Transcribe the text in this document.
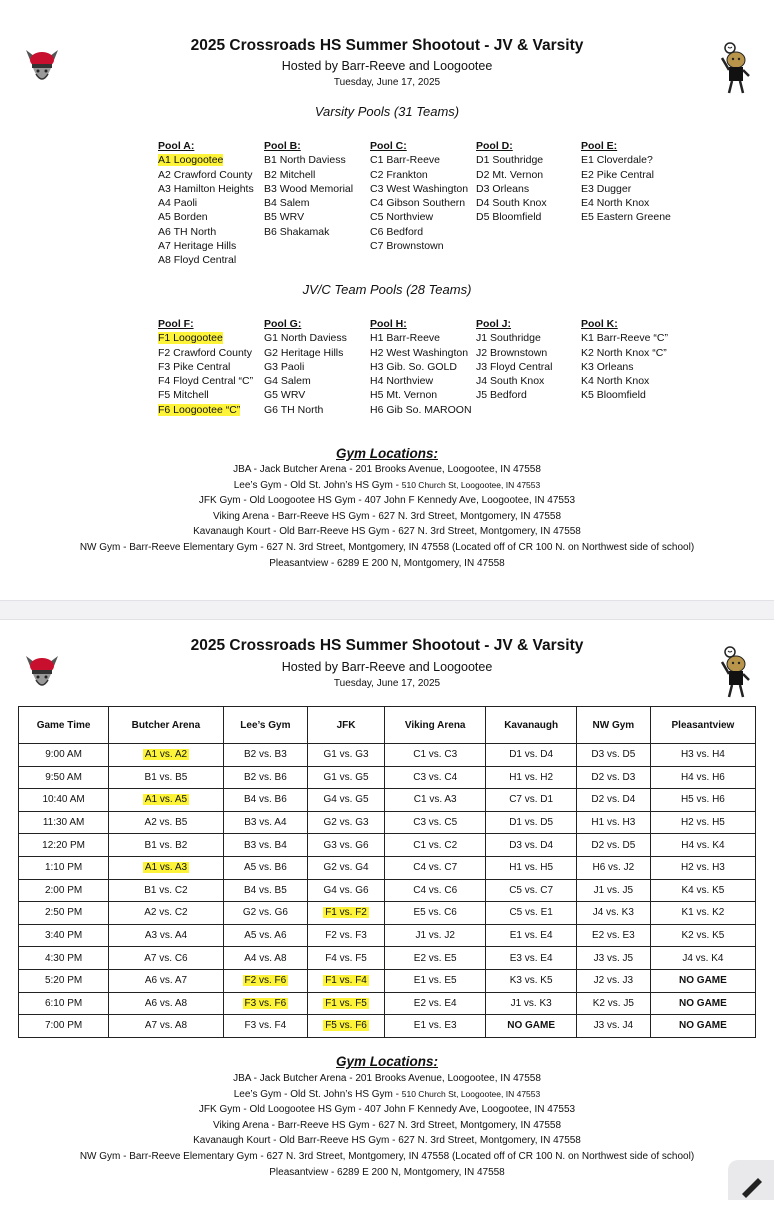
2025 Crossroads HS Summer Shootout - JV & Varsity
Hosted by Barr-Reeve and Loogootee
Tuesday, June 17, 2025
Varsity Pools (31 Teams)
Pool A:
A1 Loogootee
A2 Crawford County
A3 Hamilton Heights
A4 Paoli
A5 Borden
A6 TH North
A7 Heritage Hills
A8 Floyd Central
Pool B:
B1 North Daviess
B2 Mitchell
B3 Wood Memorial
B4 Salem
B5 WRV
B6 Shakamak
Pool C:
C1 Barr-Reeve
C2 Frankton
C3 West Washington
C4 Gibson Southern
C5 Northview
C6 Bedford
C7 Brownstown
Pool D:
D1 Southridge
D2 Mt. Vernon
D3 Orleans
D4 South Knox
D5 Bloomfield
Pool E:
E1 Cloverdale?
E2 Pike Central
E3 Dugger
E4 North Knox
E5 Eastern Greene
JV/C Team Pools (28 Teams)
Pool F:
F1 Loogootee
F2 Crawford County
F3 Pike Central
F4 Floyd Central “C”
F5 Mitchell
F6 Loogootee “C”
Pool G:
G1 North Daviess
G2 Heritage Hills
G3 Paoli
G4 Salem
G5 WRV
G6 TH North
Pool H:
H1 Barr-Reeve
H2 West Washington
H3 Gib. So. GOLD
H4 Northview
H5 Mt. Vernon
H6 Gib So. MAROON
Pool J:
J1 Southridge
J2 Brownstown
J3 Floyd Central
J4 South Knox
J5 Bedford
Pool K:
K1 Barr-Reeve “C”
K2 North Knox “C”
K3 Orleans
K4 North Knox
K5 Bloomfield
Gym Locations:
JBA - Jack Butcher Arena - 201 Brooks Avenue, Loogootee, IN 47558
Lee’s Gym - Old St. John’s HS Gym - 510 Church St, Loogootee, IN 47553
JFK Gym - Old Loogootee HS Gym - 407 John F Kennedy Ave, Loogootee, IN 47553
Viking Arena - Barr-Reeve HS Gym - 627 N. 3rd Street, Montgomery, IN 47558
Kavanaugh Kourt - Old Barr-Reeve HS Gym - 627 N. 3rd Street, Montgomery, IN 47558
NW Gym - Barr-Reeve Elementary Gym - 627 N. 3rd Street, Montgomery, IN 47558 (Located off of CR 100 N. on Northwest side of school)
Pleasantview - 6289 E 200 N, Montgomery, IN 47558
2025 Crossroads HS Summer Shootout - JV & Varsity
Hosted by Barr-Reeve and Loogootee
Tuesday, June 17, 2025
Game Time	Butcher Arena	Lee’s Gym	JFK	Viking Arena	Kavanaugh	NW Gym	Pleasantview
9:00 AM	A1 vs. A2	B2 vs. B3	G1 vs. G3	C1 vs. C3	D1 vs. D4	D3 vs. D5	H3 vs. H4
9:50 AM	B1 vs. B5	B2 vs. B6	G1 vs. G5	C3 vs. C4	H1 vs. H2	D2 vs. D3	H4 vs. H6
10:40 AM	A1 vs. A5	B4 vs. B6	G4 vs. G5	C1 vs. A3	C7 vs. D1	D2 vs. D4	H5 vs. H6
11:30 AM	A2 vs. B5	B3 vs. A4	G2 vs. G3	C3 vs. C5	D1 vs. D5	H1 vs. H3	H2 vs. H5
12:20 PM	B1 vs. B2	B3 vs. B4	G3 vs. G6	C1 vs. C2	D3 vs. D4	D2 vs. D5	H4 vs. K4
1:10 PM	A1 vs. A3	A5 vs. B6	G2 vs. G4	C4 vs. C7	H1 vs. H5	H6 vs. J2	H2 vs. H3
2:00 PM	B1 vs. C2	B4 vs. B5	G4 vs. G6	C4 vs. C6	C5 vs. C7	J1 vs. J5	K4 vs. K5
2:50 PM	A2 vs. C2	G2 vs. G6	F1 vs. F2	E5 vs. C6	C5 vs. E1	J4 vs. K3	K1 vs. K2
3:40 PM	A3 vs. A4	A5 vs. A6	F2 vs. F3	J1 vs. J2	E1 vs. E4	E2 vs. E3	K2 vs. K5
4:30 PM	A7 vs. C6	A4 vs. A8	F4 vs. F5	E2 vs. E5	E3 vs. E4	J3 vs. J5	J4 vs. K4
5:20 PM	A6 vs. A7	F2 vs. F6	F1 vs. F4	E1 vs. E5	K3 vs. K5	J2 vs. J3	NO GAME
6:10 PM	A6 vs. A8	F3 vs. F6	F1 vs. F5	E2 vs. E4	J1 vs. K3	K2 vs. J5	NO GAME
7:00 PM	A7 vs. A8	F3 vs. F4	F5 vs. F6	E1 vs. E3	NO GAME	J3 vs. J4	NO GAME
Gym Locations:
JBA - Jack Butcher Arena - 201 Brooks Avenue, Loogootee, IN 47558
Lee’s Gym - Old St. John’s HS Gym - 510 Church St, Loogootee, IN 47553
JFK Gym - Old Loogootee HS Gym - 407 John F Kennedy Ave, Loogootee, IN 47553
Viking Arena - Barr-Reeve HS Gym - 627 N. 3rd Street, Montgomery, IN 47558
Kavanaugh Kourt - Old Barr-Reeve HS Gym - 627 N. 3rd Street, Montgomery, IN 47558
NW Gym - Barr-Reeve Elementary Gym - 627 N. 3rd Street, Montgomery, IN 47558 (Located off of CR 100 N. on Northwest side of school)
Pleasantview - 6289 E 200 N, Montgomery, IN 47558
